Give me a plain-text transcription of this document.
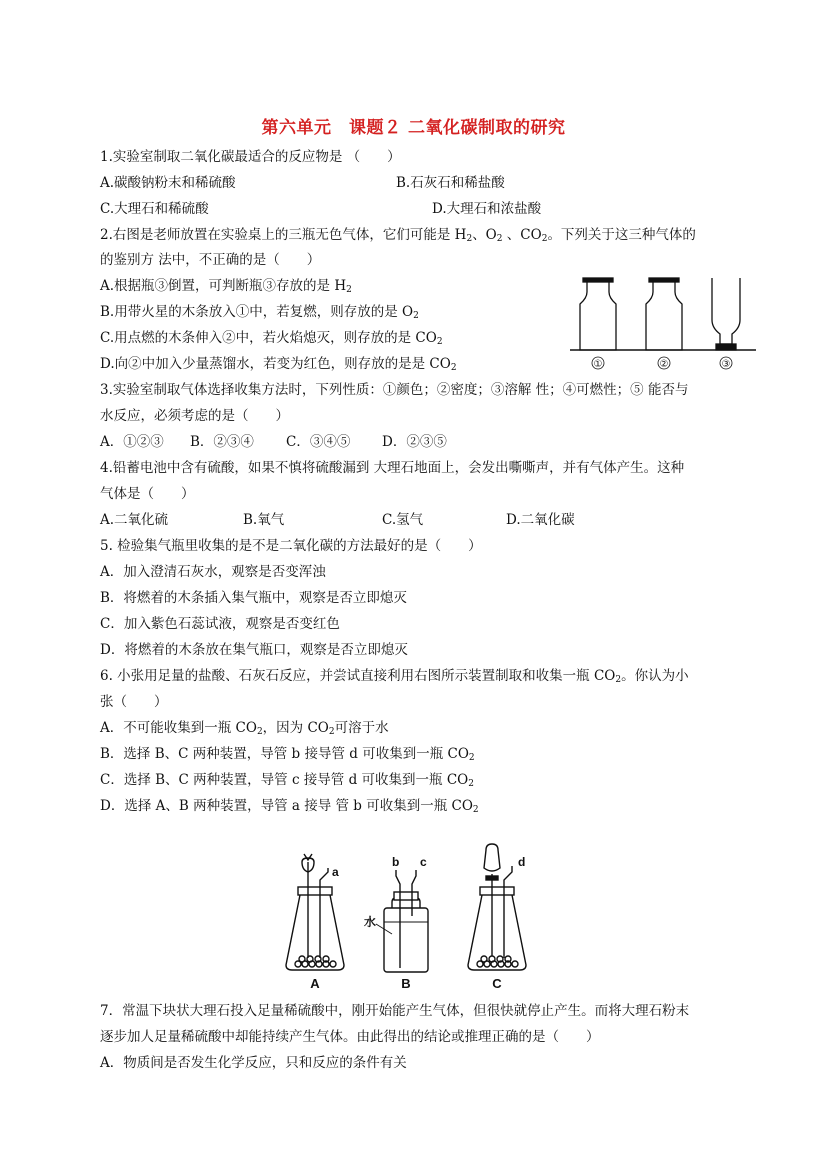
第六单元　课题２ 二氧化碳制取的研究
1.实验室制取二氧化碳最适合的反应物是 （　　）
A.碳酸钠粉末和稀硫酸	B.石灰石和稀盐酸
C.大理石和稀硫酸	D.大理石和浓盐酸
2.右图是老师放置在实验桌上的三瓶无色气体，它们可能是 $H_2$、$O_2$ 、$CO_2$。下列关于这三种气体的
的鉴别方 法中，不正确的是（　　）
A.根据瓶③倒置，可判断瓶③存放的是 $H_2$
B.用带火星的木条放入①中，若复燃，则存放的是 $O_2$
C.用点燃的木条伸入②中，若火焰熄灭，则存放的是 $CO_2$
D.向②中加入少量蒸馏水，若变为红色，则存放的是是 $CO_2$	①	②	③
3.实验室制取气体选择收集方法时，下列性质：①颜色；②密度；③溶解 性；④可燃性；⑤ 能否与
水反应，必须考虑的是（　　）
A．①②③ B．②③④ C．③④⑤ D．②③⑤
4.铅蓄电池中含有硫酸，如果不慎将硫酸漏到 大理石地面上，会发出嘶嘶声，并有气体产生。这种
气体是（　　）
A.二氧化硫	B.氧气	C.氢气	D.二氧化碳
5. 检验集气瓶里收集的是不是二氧化碳的方法最好的是（　　）
A．加入澄清石灰水，观察是否变浑浊
B．将燃着的木条插入集气瓶中，观察是否立即熄灭
C．加入紫色石蕊试液，观察是否变红色
D．将燃着的木条放在集气瓶口，观察是否立即熄灭
6. 小张用足量的盐酸、石灰石反应，并尝试直接利用右图所示装置制取和收集一瓶 $CO_2$。你认为小
张（　　）
A．不可能收集到一瓶 $CO_2$，因为 $CO_2$可溶于水
B．选择 B、C 两种装置，导管 b 接导管 d 可收集到一瓶 $CO_2$
C．选择 B、C 两种装置，导管 c 接导管 d 可收集到一瓶 $CO_2$
D．选择 A、B 两种装置，导管 a 接导 管 b 可收集到一瓶 $CO_2$
a
b c	d
水
A	B	C
7．常温下块状大理石投入足量稀硫酸中，刚开始能产生气体，但很快就停止产生。而将大理石粉末
逐步加人足量稀硫酸中却能持续产生气体。由此得出的结论或推理正确的是（　　）
A．物质间是否发生化学反应，只和反应的条件有关
